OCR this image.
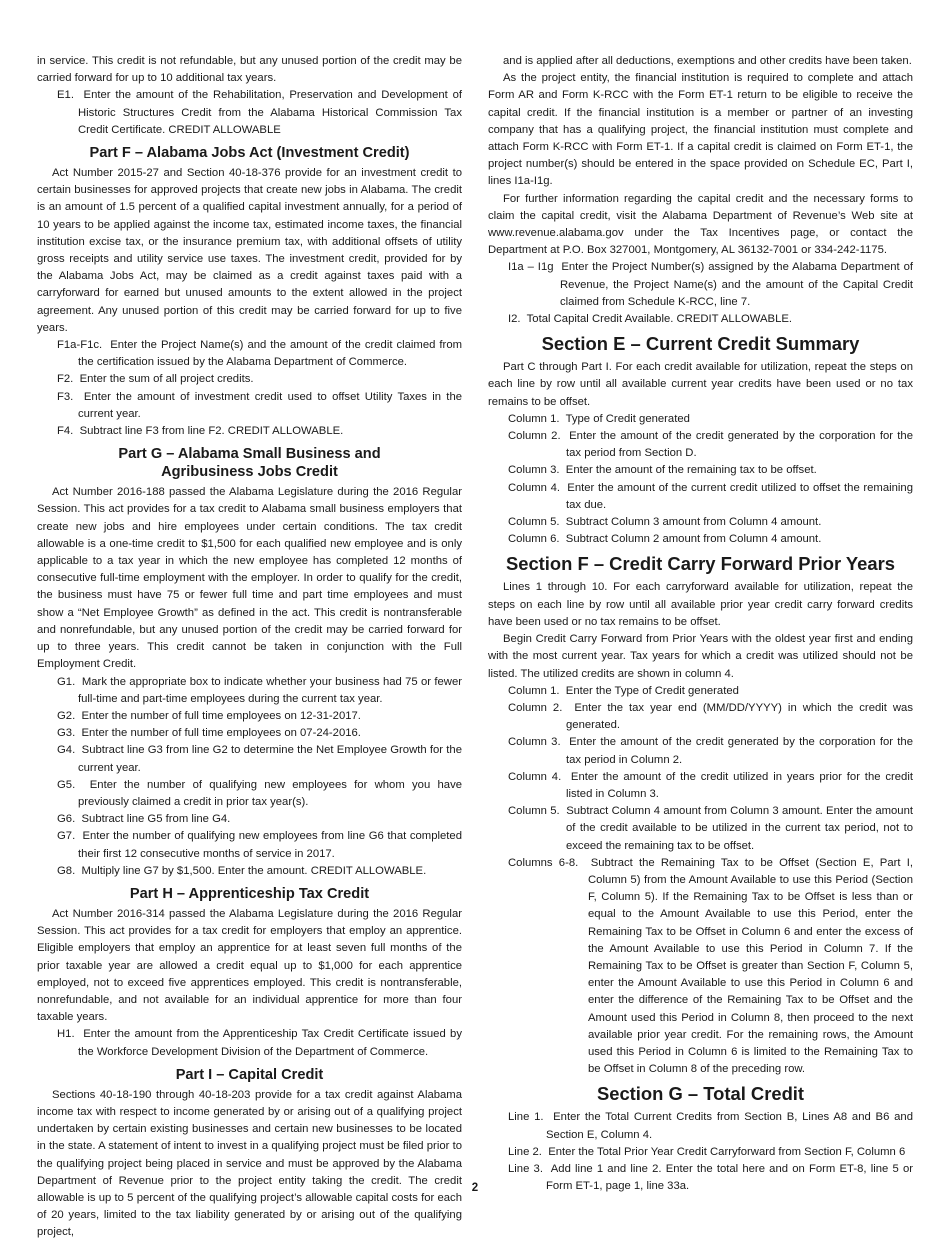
in service. This credit is not refundable, but any unused portion of the credit may be carried forward for up to 10 additional tax years.

E1. Enter the amount of the Rehabilitation, Preservation and Development of Historic Structures Credit from the Alabama Historical Commission Tax Credit Certificate. CREDIT ALLOWABLE
Part F – Alabama Jobs Act (Investment Credit)

Act Number 2015-27 and Section 40-18-376 provide for an investment credit to certain businesses for approved projects that create new jobs in Alabama. The credit is an amount of 1.5 percent of a qualified capital investment annually, for a period of 10 years to be applied against the income tax, estimated income taxes, the financial institution excise tax, or the insurance premium tax, with additional offsets of utility gross receipts and utility service use taxes. The investment credit, provided for by the Alabama Jobs Act, may be claimed as a credit against taxes paid with a carryforward for earned but unused amounts to the extent allowed in the project agreement. Any unused portion of this credit may be carried forward for up to five years.

F1a-F1c. Enter the Project Name(s) and the amount of the credit claimed from the certification issued by the Alabama Department of Commerce.
F2. Enter the sum of all project credits.
F3. Enter the amount of investment credit used to offset Utility Taxes in the current year.
F4. Subtract line F3 from line F2. CREDIT ALLOWABLE.
Part G – Alabama Small Business and
Agribusiness Jobs Credit

Act Number 2016-188 passed the Alabama Legislature during the 2016 Regular Session. This act provides for a tax credit to Alabama small business employers that create new jobs and hire employees under certain conditions. The tax credit allowable is a one-time credit to $1,500 for each qualified new employee and is only applicable to a tax year in which the new employee has completed 12 months of consecutive full-time employment with the employer. In order to qualify for the credit, the business must have 75 or fewer full time and part time employees and must show a “Net Employee Growth” as defined in the act. This credit is nontransferable and nonrefundable, but any unused portion of the credit may be carried forward for up to three years. This credit cannot be taken in conjunction with the Full Employment Credit.

G1. Mark the appropriate box to indicate whether your business had 75 or fewer full-time and part-time employees during the current tax year.
G2. Enter the number of full time employees on 12-31-2017.
G3. Enter the number of full time employees on 07-24-2016.
G4. Subtract line G3 from line G2 to determine the Net Employee Growth for the current year.
G5. Enter the number of qualifying new employees for whom you have previously claimed a credit in prior tax year(s).
G6. Subtract line G5 from line G4.
G7. Enter the number of qualifying new employees from line G6 that completed their first 12 consecutive months of service in 2017.
G8. Multiply line G7 by $1,500. Enter the amount. CREDIT ALLOWABLE.
Part H – Apprenticeship Tax Credit

Act Number 2016-314 passed the Alabama Legislature during the 2016 Regular Session. This act provides for a tax credit for employers that employ an apprentice. Eligible employers that employ an apprentice for at least seven full months of the prior taxable year are allowed a credit equal up to $1,000 for each apprentice employed, not to exceed five apprentices employed. This credit is nontransferable, nonrefundable, and not available for an individual apprentice for more than four taxable years.

H1. Enter the amount from the Apprenticeship Tax Credit Certificate issued by the Workforce Development Division of the Department of Commerce.
Part I – Capital Credit

Sections 40-18-190 through 40-18-203 provide for a tax credit against Alabama income tax with respect to income generated by or arising out of a qualifying project undertaken by certain existing businesses and certain new businesses to be located in the state. A statement of intent to invest in a qualifying project must be filed prior to the qualifying project being placed in service and must be approved by the Alabama Department of Revenue prior to the project entity taking the credit. The credit allowable is up to 5 percent of the qualifying project’s allowable capital costs for each of 20 years, limited to the tax liability generated by or arising out of the qualifying project,

and is applied after all deductions, exemptions and other credits have been taken.

As the project entity, the financial institution is required to complete and attach Form AR and Form K-RCC with the Form ET-1 return to be eligible to receive the capital credit. If the financial institution is a member or partner of an investing company that has a qualifying project, the financial institution must complete and attach Form K-RCC with Form ET-1. If a capital credit is claimed on Form ET-1, the project number(s) should be entered in the space provided on Schedule EC, Part I, lines I1a-I1g.

For further information regarding the capital credit and the necessary forms to claim the capital credit, visit the Alabama Department of Revenue’s Web site at www.revenue.alabama.gov under the Tax Incentives page, or contact the Department at P.O. Box 327001, Montgomery, AL 36132-7001 or 334-242-1175.

I1a – I1g Enter the Project Number(s) assigned by the Alabama Department of Revenue, the Project Name(s) and the amount of the Capital Credit claimed from Schedule K-RCC, line 7.
I2. Total Capital Credit Available. CREDIT ALLOWABLE.
Section E – Current Credit Summary

Part C through Part I. For each credit available for utilization, repeat the steps on each line by row until all available current year credits have been used or no tax remains to be offset.

Column 1. Type of Credit generated
Column 2. Enter the amount of the credit generated by the corporation for the tax period from Section D.
Column 3. Enter the amount of the remaining tax to be offset.
Column 4. Enter the amount of the current credit utilized to offset the remaining tax due.
Column 5. Subtract Column 3 amount from Column 4 amount.
Column 6. Subtract Column 2 amount from Column 4 amount.
Section F – Credit Carry Forward Prior Years

Lines 1 through 10. For each carryforward available for utilization, repeat the steps on each line by row until all available prior year credit carry forward credits have been used or no tax remains to be offset.

Begin Credit Carry Forward from Prior Years with the oldest year first and ending with the most current year. Tax years for which a credit was utilized should not be listed. The utilized credits are shown in column 4.

Column 1. Enter the Type of Credit generated
Column 2. Enter the tax year end (MM/DD/YYYY) in which the credit was generated.
Column 3. Enter the amount of the credit generated by the corporation for the tax period in Column 2.
Column 4. Enter the amount of the credit utilized in years prior for the credit listed in Column 3.
Column 5. Subtract Column 4 amount from Column 3 amount. Enter the amount of the credit available to be utilized in the current tax period, not to exceed the remaining tax to be offset.
Columns 6-8. Subtract the Remaining Tax to be Offset (Section E, Part I, Column 5) from the Amount Available to use this Period (Section F, Column 5). If the Remaining Tax to be Offset is less than or equal to the Amount Available to use this Period, enter the Remaining Tax to be Offset in Column 6 and enter the excess of the Amount Available to use this Period in Column 7. If the Remaining Tax to be Offset is greater than Section F, Column 5, enter the Amount Available to use this Period in Column 6 and enter the difference of the Remaining Tax to be Offset and the Amount used this Period in Column 8, then proceed to the next available prior year credit. For the remaining rows, the Amount used this Period in Column 6 is limited to the Remaining Tax to be Offset in Column 8 of the preceding row.
Section G – Total Credit
Line 1. Enter the Total Current Credits from Section B, Lines A8 and B6 and Section E, Column 4.
Line 2. Enter the Total Prior Year Credit Carryforward from Section F, Column 6
Line 3. Add line 1 and line 2. Enter the total here and on Form ET-8, line 5 or Form ET-1, page 1, line 33a.
2
